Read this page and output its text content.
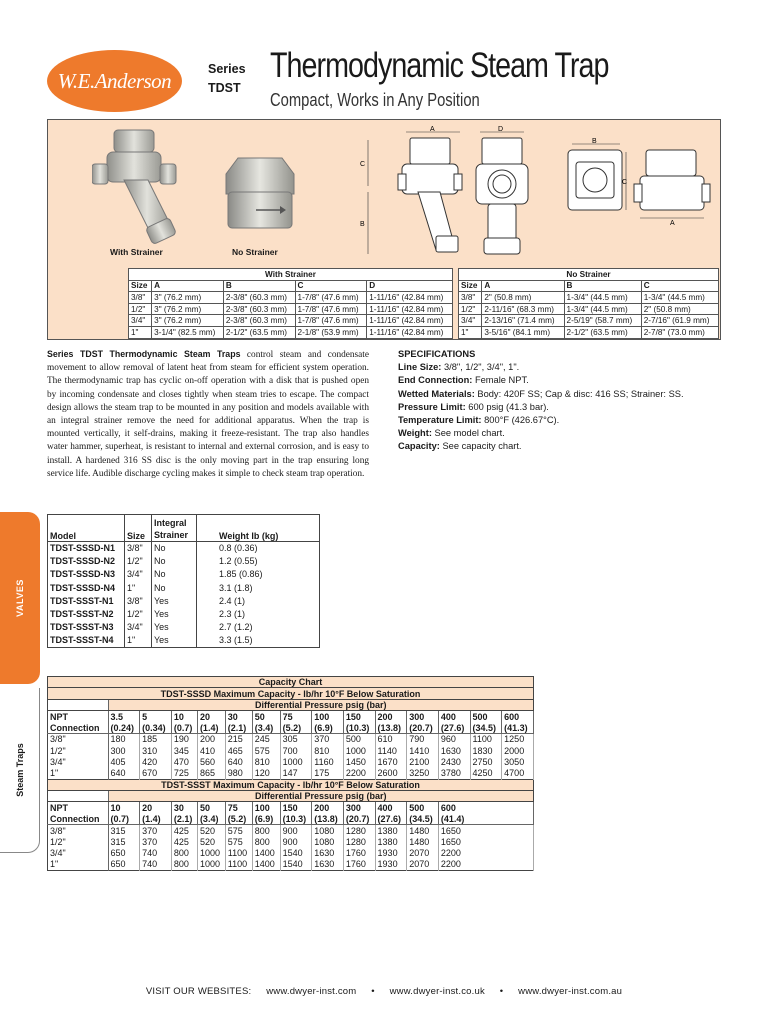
W.E.Anderson	Series
TDST
Thermodynamic Steam Trap
Compact, Works in Any Position
With Strainer	No Strainer
A
C
B
D
B
C
A
With Strainer				
Size	A	B	C	D
3/8"	3" (76.2 mm)	2-3/8" (60.3 mm)	1-7/8" (47.6 mm)	1-11/16" (42.84 mm)
1/2"	3" (76.2 mm)	2-3/8" (60.3 mm)	1-7/8" (47.6 mm)	1-11/16" (42.84 mm)
3/4"	3" (76.2 mm)	2-3/8" (60.3 mm)	1-7/8" (47.6 mm)	1-11/16" (42.84 mm)
1"	3-1/4" (82.5 mm)	2-1/2" (63.5 mm)	2-1/8" (53.9 mm)	1-11/16" (42.84 mm)
No Strainer			
Size	A	B	C
3/8"	2" (50.8 mm)	1-3/4" (44.5 mm)	1-3/4" (44.5 mm)
1/2"	2-11/16" (68.3 mm)	1-3/4" (44.5 mm)	2" (50.8 mm)
3/4"	2-13/16" (71.4 mm)	2-5/19" (58.7 mm)	2-7/16" (61.9 mm)
1"	3-5/16" (84.1 mm)	2-1/2" (63.5 mm)	2-7/8" (73.0 mm)
Series TDST Thermodynamic Steam Traps control steam and condensate movement to allow removal of latent heat from steam for efficient system operation. The thermodynamic trap has cyclic on-off operation with a disk that is pushed open by incoming condensate and closes tightly when steam tries to escape. The compact design allows the steam trap to be mounted in any position and models available with an integral strainer remove the need for additional apparatus. When the trap is mounted vertically, it self-drains, making it freeze-resistant. The trap also handles water hammer, superheat, is resistant to internal and external corrosion, and is easy to install. A hardened 316 SS disc is the only moving part in the trap ensuring long service life. Audible discharge cycling makes it simple to check steam trap operation.
SPECIFICATIONS
Line Size: 3/8", 1/2", 3/4", 1".
End Connection: Female NPT.
Wetted Materials: Body: 420F SS; Cap & disc: 416 SS; Strainer: SS.
Pressure Limit: 600 psig (41.3 bar).
Temperature Limit: 800°F (426.67°C).
Weight: See model chart.
Capacity: See capacity chart.
VALVES
Steam Traps
Model	Size	Integral Strainer	Weight lb (kg)
TDST-SSSD-N1	3/8"	No	0.8 (0.36)
TDST-SSSD-N2	1/2"	No	1.2 (0.55)
TDST-SSSD-N3	3/4"	No	1.85 (0.86)
TDST-SSSD-N4	1"	No	3.1 (1.8)
TDST-SSST-N1	3/8"	Yes	2.4 (1)
TDST-SSST-N2	1/2"	Yes	2.3 (1)
TDST-SSST-N3	3/4"	Yes	2.7 (1.2)
TDST-SSST-N4	1"	Yes	3.3 (1.5)
Capacity Chart														
TDST-SSSD Maximum Capacity - lb/hr 10°F Below Saturation														
	Differential Pressure psig (bar)													
NPT	3.5	5	10	20	30	50	75	100	150	200	300	400	500	600
Connection	(0.24)	(0.34)	(0.7)	(1.4)	(2.1)	(3.4)	(5.2)	(6.9)	(10.3)	(13.8)	(20.7)	(27.6)	(34.5)	(41.3)
3/8"	180	185	190	200	215	245	305	370	500	610	790	960	1100	1250
1/2"	300	310	345	410	465	575	700	810	1000	1140	1410	1630	1830	2000
3/4"	405	420	470	560	640	810	1000	1160	1450	1670	2100	2430	2750	3050
1"	640	670	725	865	980	120	147	175	2200	2600	3250	3780	4250	4700
TDST-SSST Maximum Capacity - lb/hr 10°F Below Saturation														
	Differential Pressure psig (bar)													
NPT	10	20	30	50	75	100	150	200	300	400	500	600		
Connection	(0.7)	(1.4)	(2.1)	(3.4)	(5.2)	(6.9)	(10.3)	(13.8)	(20.7)	(27.6)	(34.5)	(41.4)		
3/8"	315	370	425	520	575	800	900	1080	1280	1380	1480	1650		
1/2"	315	370	425	520	575	800	900	1080	1280	1380	1480	1650		
3/4"	650	740	800	1000	1100	1400	1540	1630	1760	1930	2070	2200		
1"	650	740	800	1000	1100	1400	1540	1630	1760	1930	2070	2200		
VISIT OUR WEBSITES: www.dwyer-inst.com • www.dwyer-inst.co.uk • www.dwyer-inst.com.au
